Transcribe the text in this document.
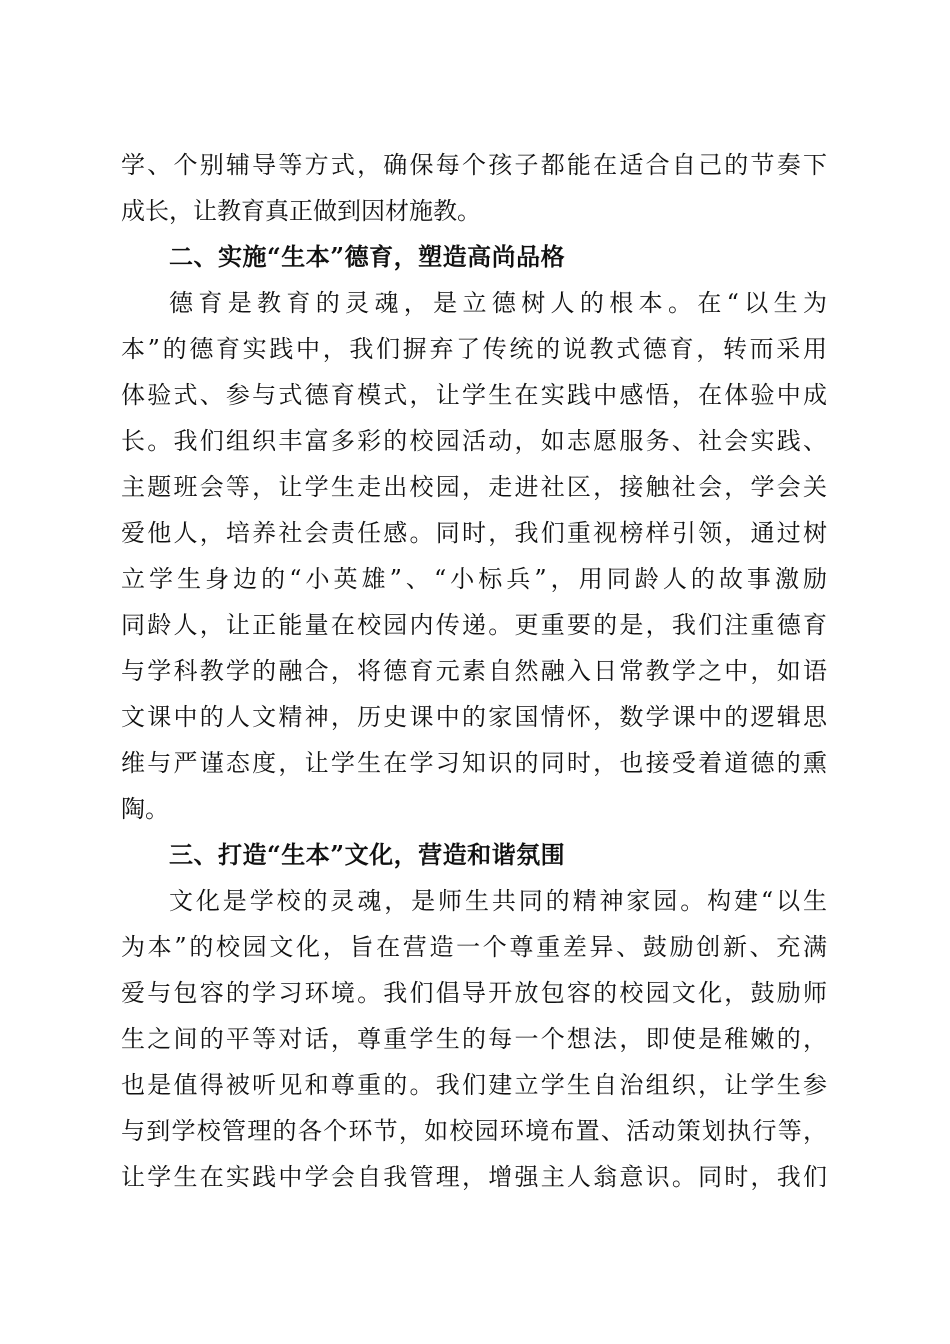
学、个别辅导等方式，确保每个孩子都能在适合自己的节奏下
成长，让教育真正做到因材施教。
二、实施“生本”德育，塑造高尚品格
德育是教育的灵魂，是立德树人的根本。在“以生为
本”的德育实践中，我们摒弃了传统的说教式德育，转而采用
体验式、参与式德育模式，让学生在实践中感悟，在体验中成
长。我们组织丰富多彩的校园活动，如志愿服务、社会实践、
主题班会等，让学生走出校园，走进社区，接触社会，学会关
爱他人，培养社会责任感。同时，我们重视榜样引领，通过树
立学生身边的“小英雄”、“小标兵”，用同龄人的故事激励
同龄人，让正能量在校园内传递。更重要的是，我们注重德育
与学科教学的融合，将德育元素自然融入日常教学之中，如语
文课中的人文精神，历史课中的家国情怀，数学课中的逻辑思
维与严谨态度，让学生在学习知识的同时，也接受着道德的熏
陶。
三、打造“生本”文化，营造和谐氛围
文化是学校的灵魂，是师生共同的精神家园。构建“以生
为本”的校园文化，旨在营造一个尊重差异、鼓励创新、充满
爱与包容的学习环境。我们倡导开放包容的校园文化，鼓励师
生之间的平等对话，尊重学生的每一个想法，即使是稚嫩的，
也是值得被听见和尊重的。我们建立学生自治组织，让学生参
与到学校管理的各个环节，如校园环境布置、活动策划执行等，
让学生在实践中学会自我管理，增强主人翁意识。同时，我们
